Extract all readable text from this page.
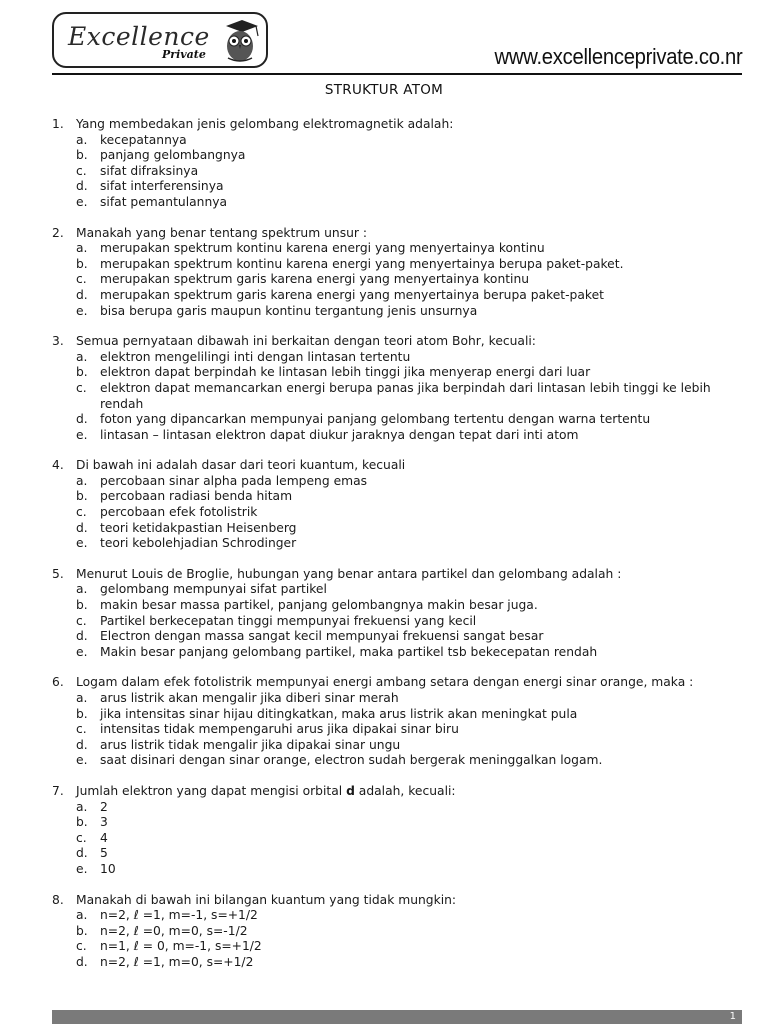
Excellence
Private	www.excellenceprivate.co.nr
STRUKTUR ATOM
1. Yang membedakan jenis gelombang elektromagnetik adalah:
a.	kecepatannya
b. panjang gelombangnya
c.	sifat difraksinya
d. sifat interferensinya
e.	sifat pemantulannya
2. Manakah yang benar tentang spektrum unsur :
a.	merupakan spektrum kontinu karena energi yang menyertainya kontinu
b. merupakan spektrum kontinu karena energi yang menyertainya berupa paket-paket.
c.	merupakan spektrum garis karena energi yang menyertainya kontinu
d. merupakan spektrum garis karena energi yang menyertainya berupa paket-paket
e.	bisa berupa garis maupun kontinu tergantung jenis unsurnya
3. Semua pernyataan dibawah ini berkaitan dengan teori atom Bohr, kecuali:
a.	elektron mengelilingi inti dengan lintasan tertentu
b. elektron dapat berpindah ke lintasan lebih tinggi jika menyerap energi dari luar
c.	elektron dapat memancarkan energi berupa panas jika berpindah dari lintasan lebih tinggi ke lebih rendah
d. foton yang dipancarkan mempunyai panjang gelombang tertentu dengan warna tertentu
e.	lintasan – lintasan elektron dapat diukur jaraknya dengan tepat dari inti atom
4. Di bawah ini adalah dasar dari teori kuantum, kecuali
a.	percobaan sinar alpha pada lempeng emas
b. percobaan radiasi benda hitam
c.	percobaan efek fotolistrik
d. teori ketidakpastian Heisenberg
e.	teori kebolehjadian Schrodinger
5. Menurut Louis de Broglie, hubungan yang benar antara partikel dan gelombang adalah :
a.	gelombang mempunyai sifat partikel
b. makin besar massa partikel, panjang gelombangnya makin besar juga.
c.	Partikel berkecepatan tinggi mempunyai frekuensi yang kecil
d. Electron dengan massa sangat kecil mempunyai frekuensi sangat besar
e.	Makin besar panjang gelombang partikel, maka partikel tsb bekecepatan rendah
6. Logam dalam efek fotolistrik mempunyai energi ambang setara dengan energi sinar orange, maka :
a.	arus listrik akan mengalir jika diberi sinar merah
b. jika intensitas sinar hijau ditingkatkan, maka arus listrik akan meningkat pula
c.	intensitas tidak mempengaruhi arus jika dipakai sinar biru
d. arus listrik tidak mengalir jika dipakai sinar ungu
e.	saat disinari dengan sinar orange, electron sudah bergerak meninggalkan logam.
7. Jumlah elektron yang dapat mengisi orbital d adalah, kecuali:
a.	2
b. 3
c.	4
d. 5
e.	10
8. Manakah di bawah ini bilangan kuantum yang tidak mungkin:
a.	n=2, ℓ =1, m=-1, s=+1/2
b. n=2, ℓ =0, m=0, s=-1/2
c.	n=1, ℓ = 0, m=-1, s=+1/2
d. n=2, ℓ =1, m=0, s=+1/2
1
